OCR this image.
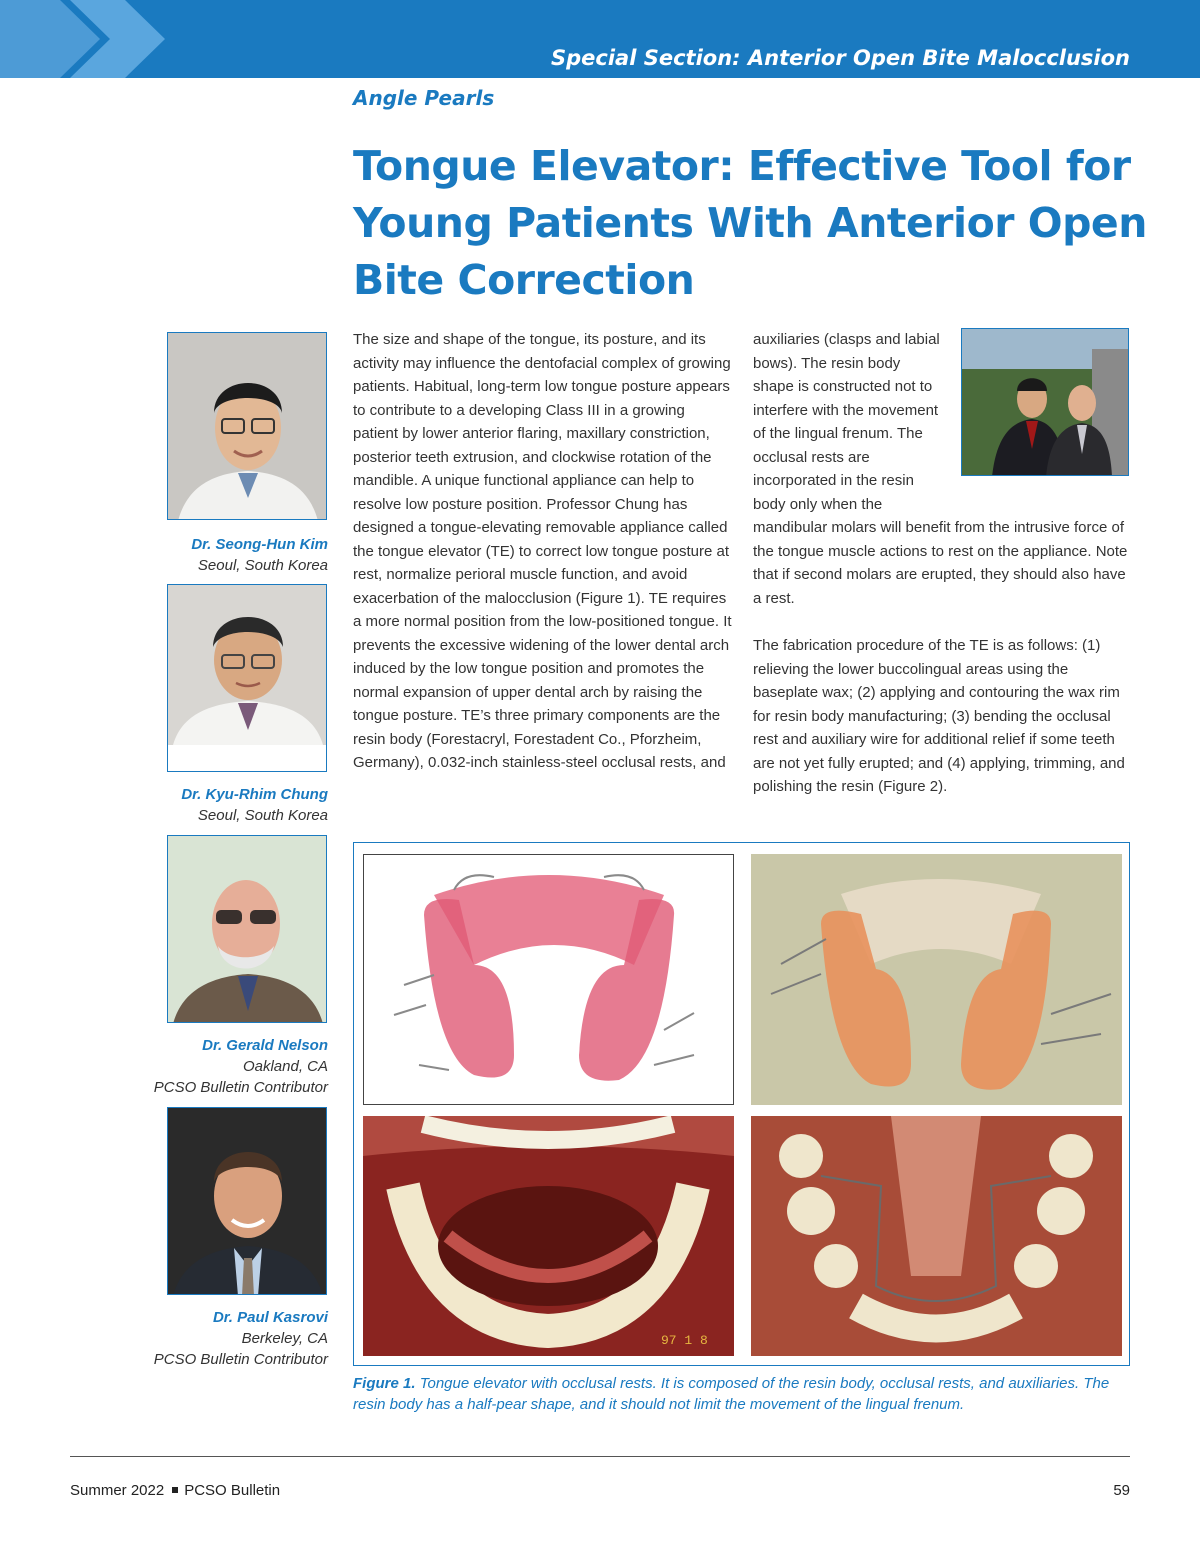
Special Section: Anterior Open Bite Malocclusion
Angle Pearls
Tongue Elevator: Effective Tool for Young Patients With Anterior Open Bite Correction
Dr. Seong-Hun Kim
Seoul, South Korea
Dr. Kyu-Rhim Chung
Seoul, South Korea
Dr. Gerald Nelson
Oakland, CA
PCSO Bulletin Contributor
Dr. Paul Kasrovi
Berkeley, CA
PCSO Bulletin Contributor

The size and shape of the tongue, its posture, and its activity may influence the dentofacial complex of growing patients. Habitual, long-term low tongue posture appears to contribute to a developing Class III in a growing patient by lower anterior flaring, maxillary constriction, posterior teeth extrusion, and clockwise rotation of the mandible. A unique functional appliance can help to resolve low posture position. Professor Chung has designed a tongue-elevating removable appliance called the tongue elevator (TE) to correct low tongue posture at rest, normalize perioral muscle function, and avoid exacerbation of the malocclusion (Figure 1). TE requires a more normal position from the low-positioned tongue. It prevents the excessive widening of the lower dental arch induced by the low tongue position and promotes the normal expansion of upper dental arch by raising the tongue posture. TE’s three primary components are the resin body (Forestacryl, Forestadent Co., Pforzheim, Germany), 0.032-inch stainless-steel occlusal rests, and

auxiliaries (clasps and labial bows). The resin body shape is constructed not to interfere with the movement of the lingual frenum. The occlusal rests are incorporated in the resin body only when the

mandibular molars will benefit from the intrusive force of the tongue muscle actions to rest on the appliance. Note that if second molars are erupted, they should also have a rest.

The fabrication procedure of the TE is as follows: (1) relieving the lower buccolingual areas using the baseplate wax; (2) applying and contouring the wax rim for resin body manufacturing; (3) bending the occlusal rest and auxiliary wire for additional relief if some teeth are not yet fully erupted; and (4) applying, trimming, and polishing the resin (Figure 2).

97 1 8

Figure 1. Tongue elevator with occlusal rests. It is composed of the resin body, occlusal rests, and auxiliaries. The resin body has a half-pear shape, and it should not limit the movement of the lingual frenum.

Summer 2022 PCSO Bulletin	59
